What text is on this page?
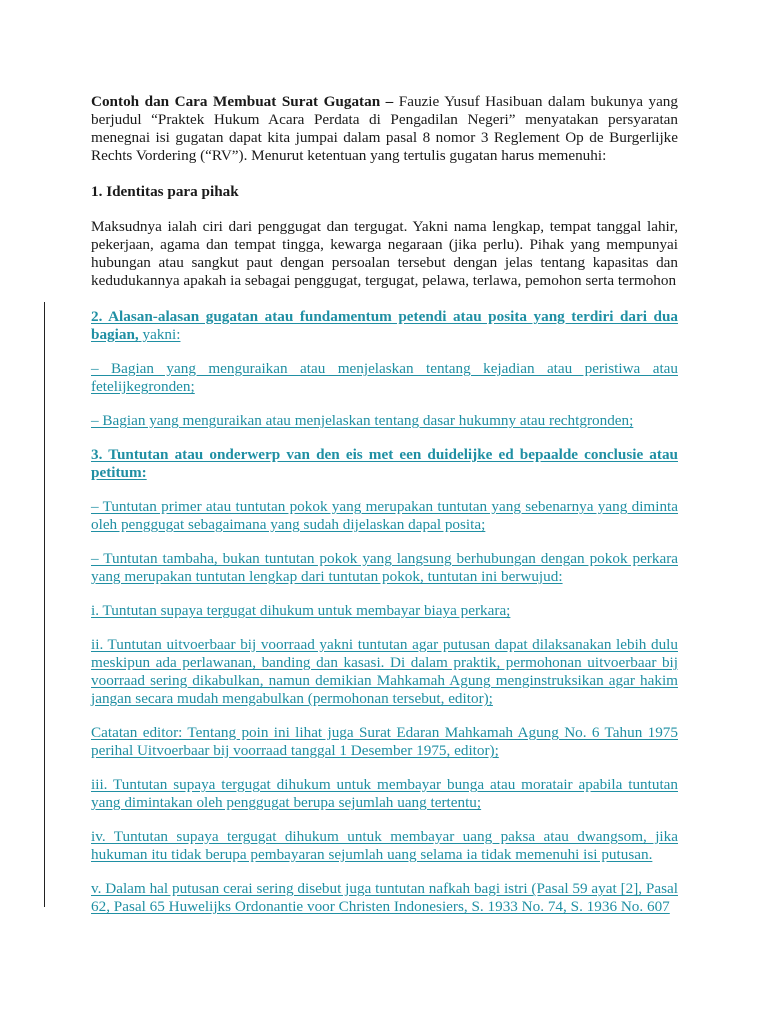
Contoh dan Cara Membuat Surat Gugatan – Fauzie Yusuf Hasibuan dalam bukunya yang berjudul “Praktek Hukum Acara Perdata di Pengadilan Negeri” menyatakan persyaratan menegnai isi gugatan dapat kita jumpai dalam pasal 8 nomor 3 Reglement Op de Burgerlijke Rechts Vordering (“RV”). Menurut ketentuan yang tertulis gugatan harus memenuhi:

1. Identitas para pihak

Maksudnya ialah ciri dari penggugat dan tergugat. Yakni nama lengkap, tempat tanggal lahir, pekerjaan, agama dan tempat tingga, kewarga negaraan (jika perlu). Pihak yang mempunyai hubungan atau sangkut paut dengan persoalan tersebut dengan jelas tentang kapasitas dan kedudukannya apakah ia sebagai penggugat, tergugat, pelawa, terlawa, pemohon serta termohon

2. Alasan-alasan gugatan atau fundamentum petendi atau posita yang terdiri dari dua bagian, yakni:

– Bagian yang menguraikan atau menjelaskan tentang kejadian atau peristiwa atau fetelijkegronden;

– Bagian yang menguraikan atau menjelaskan tentang dasar hukumny atau rechtgronden;

3. Tuntutan atau onderwerp van den eis met een duidelijke ed bepaalde conclusie atau petitum:

– Tuntutan primer atau tuntutan pokok yang merupakan tuntutan yang sebenarnya yang diminta oleh penggugat sebagaimana yang sudah dijelaskan dapal posita;

– Tuntutan tambaha, bukan tuntutan pokok yang langsung berhubungan dengan pokok perkara yang merupakan tuntutan lengkap dari tuntutan pokok, tuntutan ini berwujud:

i. Tuntutan supaya tergugat dihukum untuk membayar biaya perkara;

ii. Tuntutan uitvoerbaar bij voorraad yakni tuntutan agar putusan dapat dilaksanakan lebih dulu meskipun ada perlawanan, banding dan kasasi. Di dalam praktik, permohonan uitvoerbaar bij voorraad sering dikabulkan, namun demikian Mahkamah Agung menginstruksikan agar hakim jangan secara mudah mengabulkan (permohonan tersebut, editor);

Catatan editor: Tentang poin ini lihat juga Surat Edaran Mahkamah Agung No. 6 Tahun 1975 perihal Uitvoerbaar bij voorraad tanggal 1 Desember 1975, editor);

iii. Tuntutan supaya tergugat dihukum untuk membayar bunga atau moratair apabila tuntutan yang dimintakan oleh penggugat berupa sejumlah uang tertentu;

iv. Tuntutan supaya tergugat dihukum untuk membayar uang paksa atau dwangsom, jika hukuman itu tidak berupa pembayaran sejumlah uang selama ia tidak memenuhi isi putusan.

v. Dalam hal putusan cerai sering disebut juga tuntutan nafkah bagi istri (Pasal 59 ayat [2], Pasal 62, Pasal 65 Huwelijks Ordonantie voor Christen Indonesiers, S. 1933 No. 74, S. 1936 No. 607
